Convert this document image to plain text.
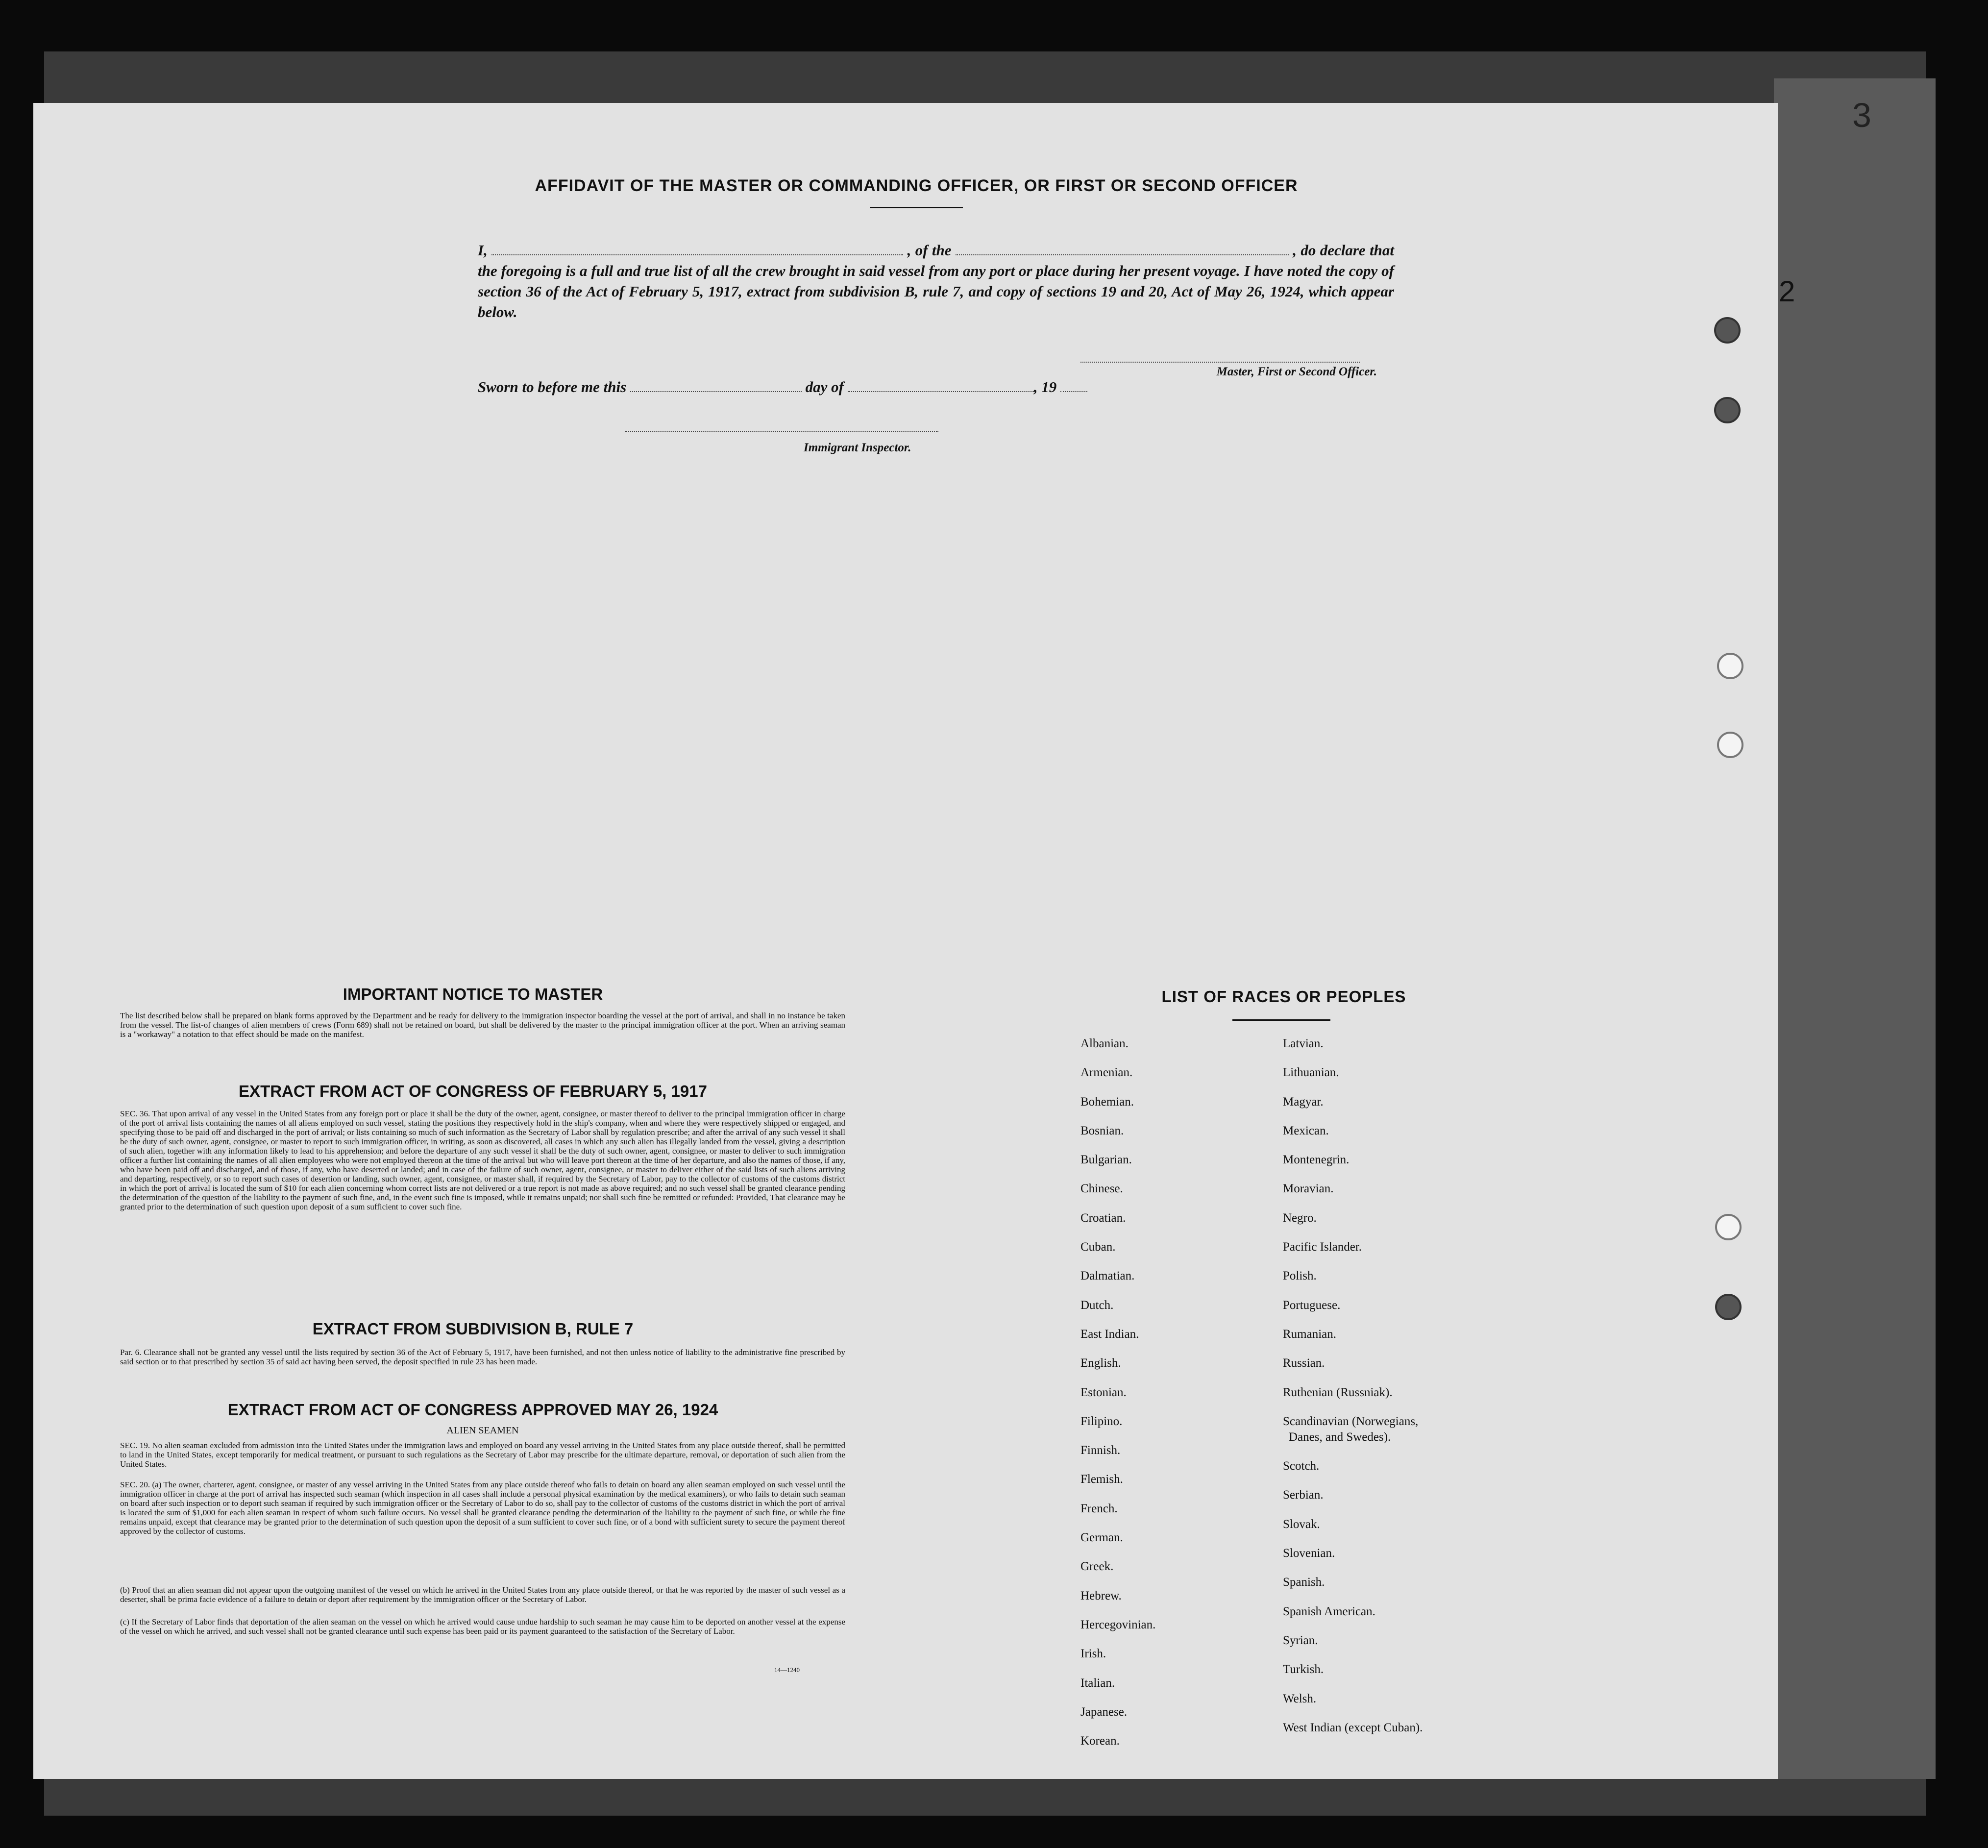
3
2
AFFIDAVIT OF THE MASTER OR COMMANDING OFFICER, OR FIRST OR SECOND OFFICER
I,	, of the	, do declare that the foregoing is a full and true list of all the crew brought in said vessel from any port or place during her present voyage. I have noted the copy of section 36 of the Act of February 5, 1917, extract from subdivision B, rule 7, and copy of sections 19 and 20, Act of May 26, 1924, which appear below.
Master, First or Second Officer.
Sworn to before me this	day of	, 19
Immigrant Inspector.
IMPORTANT NOTICE TO MASTER
The list described below shall be prepared on blank forms approved by the Department and be ready for delivery to the immigration inspector boarding the vessel at the port of arrival, and shall in no instance be taken from the vessel. The list-of changes of alien members of crews (Form 689) shall not be retained on board, but shall be delivered by the master to the principal immigration officer at the port. When an arriving seaman is a "workaway" a notation to that effect should be made on the manifest.
EXTRACT FROM ACT OF CONGRESS OF FEBRUARY 5, 1917
SEC. 36. That upon arrival of any vessel in the United States from any foreign port or place it shall be the duty of the owner, agent, consignee, or master thereof to deliver to the principal immigration officer in charge of the port of arrival lists containing the names of all aliens employed on such vessel, stating the positions they respectively hold in the ship's company, when and where they were respectively shipped or engaged, and specifying those to be paid off and discharged in the port of arrival; or lists containing so much of such information as the Secretary of Labor shall by regulation prescribe; and after the arrival of any such vessel it shall be the duty of such owner, agent, consignee, or master to report to such immigration officer, in writing, as soon as discovered, all cases in which any such alien has illegally landed from the vessel, giving a description of such alien, together with any information likely to lead to his apprehension; and before the departure of any such vessel it shall be the duty of such owner, agent, consignee, or master to deliver to such immigration officer a further list containing the names of all alien employees who were not employed thereon at the time of the arrival but who will leave port thereon at the time of her departure, and also the names of those, if any, who have been paid off and discharged, and of those, if any, who have deserted or landed; and in case of the failure of such owner, agent, consignee, or master to deliver either of the said lists of such aliens arriving and departing, respectively, or so to report such cases of desertion or landing, such owner, agent, consignee, or master shall, if required by the Secretary of Labor, pay to the collector of customs of the customs district in which the port of arrival is located the sum of $10 for each alien concerning whom correct lists are not delivered or a true report is not made as above required; and no such vessel shall be granted clearance pending the determination of the question of the liability to the payment of such fine, and, in the event such fine is imposed, while it remains unpaid; nor shall such fine be remitted or refunded: Provided, That clearance may be granted prior to the determination of such question upon deposit of a sum sufficient to cover such fine.
EXTRACT FROM SUBDIVISION B, RULE 7
Par. 6. Clearance shall not be granted any vessel until the lists required by section 36 of the Act of February 5, 1917, have been furnished, and not then unless notice of liability to the administrative fine prescribed by said section or to that prescribed by section 35 of said act having been served, the deposit specified in rule 23 has been made.
EXTRACT FROM ACT OF CONGRESS APPROVED MAY 26, 1924
ALIEN SEAMEN
SEC. 19. No alien seaman excluded from admission into the United States under the immigration laws and employed on board any vessel arriving in the United States from any place outside thereof, shall be permitted to land in the United States, except temporarily for medical treatment, or pursuant to such regulations as the Secretary of Labor may prescribe for the ultimate departure, removal, or deportation of such alien from the United States.
SEC. 20. (a) The owner, charterer, agent, consignee, or master of any vessel arriving in the United States from any place outside thereof who fails to detain on board any alien seaman employed on such vessel until the immigration officer in charge at the port of arrival has inspected such seaman (which inspection in all cases shall include a personal physical examination by the medical examiners), or who fails to detain such seaman on board after such inspection or to deport such seaman if required by such immigration officer or the Secretary of Labor to do so, shall pay to the collector of customs of the customs district in which the port of arrival is located the sum of $1,000 for each alien seaman in respect of whom such failure occurs. No vessel shall be granted clearance pending the determination of the liability to the payment of such fine, or while the fine remains unpaid, except that clearance may be granted prior to the determination of such question upon the deposit of a sum sufficient to cover such fine, or of a bond with sufficient surety to secure the payment thereof approved by the collector of customs.
(b) Proof that an alien seaman did not appear upon the outgoing manifest of the vessel on which he arrived in the United States from any place outside thereof, or that he was reported by the master of such vessel as a deserter, shall be prima facie evidence of a failure to detain or deport after requirement by the immigration officer or the Secretary of Labor.
(c) If the Secretary of Labor finds that deportation of the alien seaman on the vessel on which he arrived would cause undue hardship to such seaman he may cause him to be deported on another vessel at the expense of the vessel on which he arrived, and such vessel shall not be granted clearance until such expense has been paid or its payment guaranteed to the satisfaction of the Secretary of Labor.
14—1240
LIST OF RACES OR PEOPLES
Albanian.
Armenian.
Bohemian.
Bosnian.
Bulgarian.
Chinese.
Croatian.
Cuban.
Dalmatian.
Dutch.
East Indian.
English.
Estonian.
Filipino.
Finnish.
Flemish.
French.
German.
Greek.
Hebrew.
Hercegovinian.
Irish.
Italian.
Japanese.
Korean.
Latvian.
Lithuanian.
Magyar.
Mexican.
Montenegrin.
Moravian.
Negro.
Pacific Islander.
Polish.
Portuguese.
Rumanian.
Russian.
Ruthenian (Russniak).
Scandinavian (Norwegians,
Danes, and Swedes).
Scotch.
Serbian.
Slovak.
Slovenian.
Spanish.
Spanish American.
Syrian.
Turkish.
Welsh.
West Indian (except Cuban).
